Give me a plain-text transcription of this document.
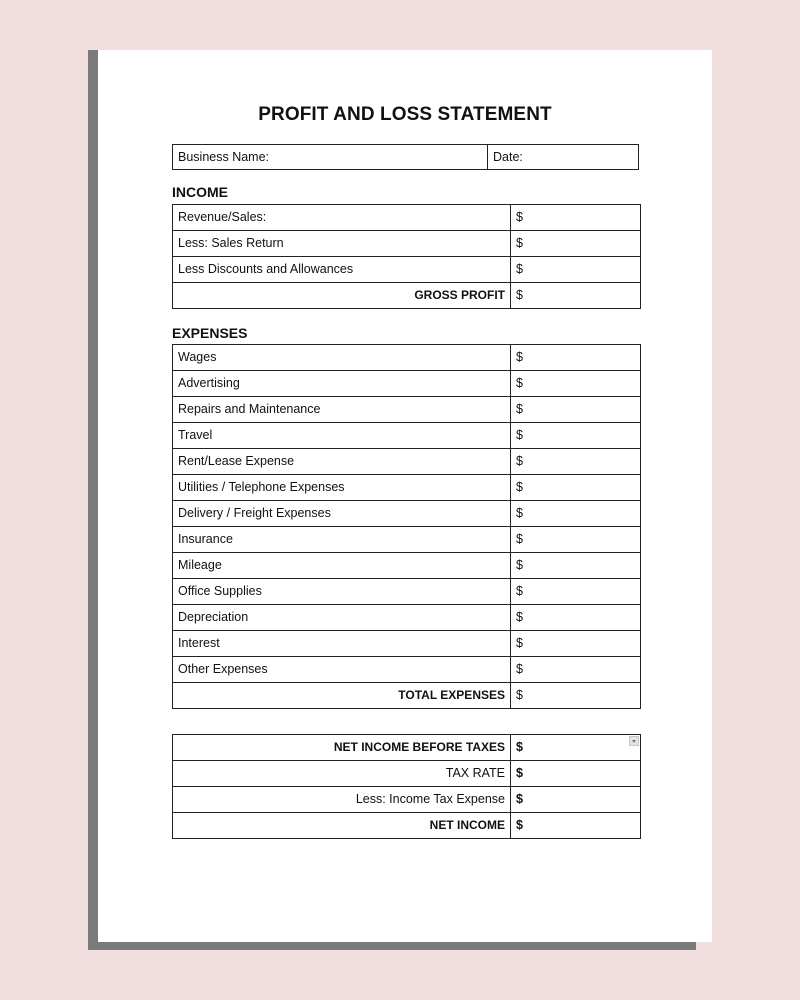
PROFIT AND LOSS STATEMENT
Business Name:	Date:
INCOME
Revenue/Sales:	$
Less: Sales Return	$
Less Discounts and Allowances	$
GROSS PROFIT $
EXPENSES
Wages	$
Advertising	$
Repairs and Maintenance	$
Travel	$
Rent/Lease Expense	$
Utilities / Telephone Expenses	$
Delivery / Freight Expenses	$
Insurance	$
Mileage	$
Office Supplies	$
Depreciation	$
Interest	$
Other Expenses	$
TOTAL EXPENSES $
NET INCOME BEFORE TAXES $
TAX RATE $
Less: Income Tax Expense $
NET INCOME $
